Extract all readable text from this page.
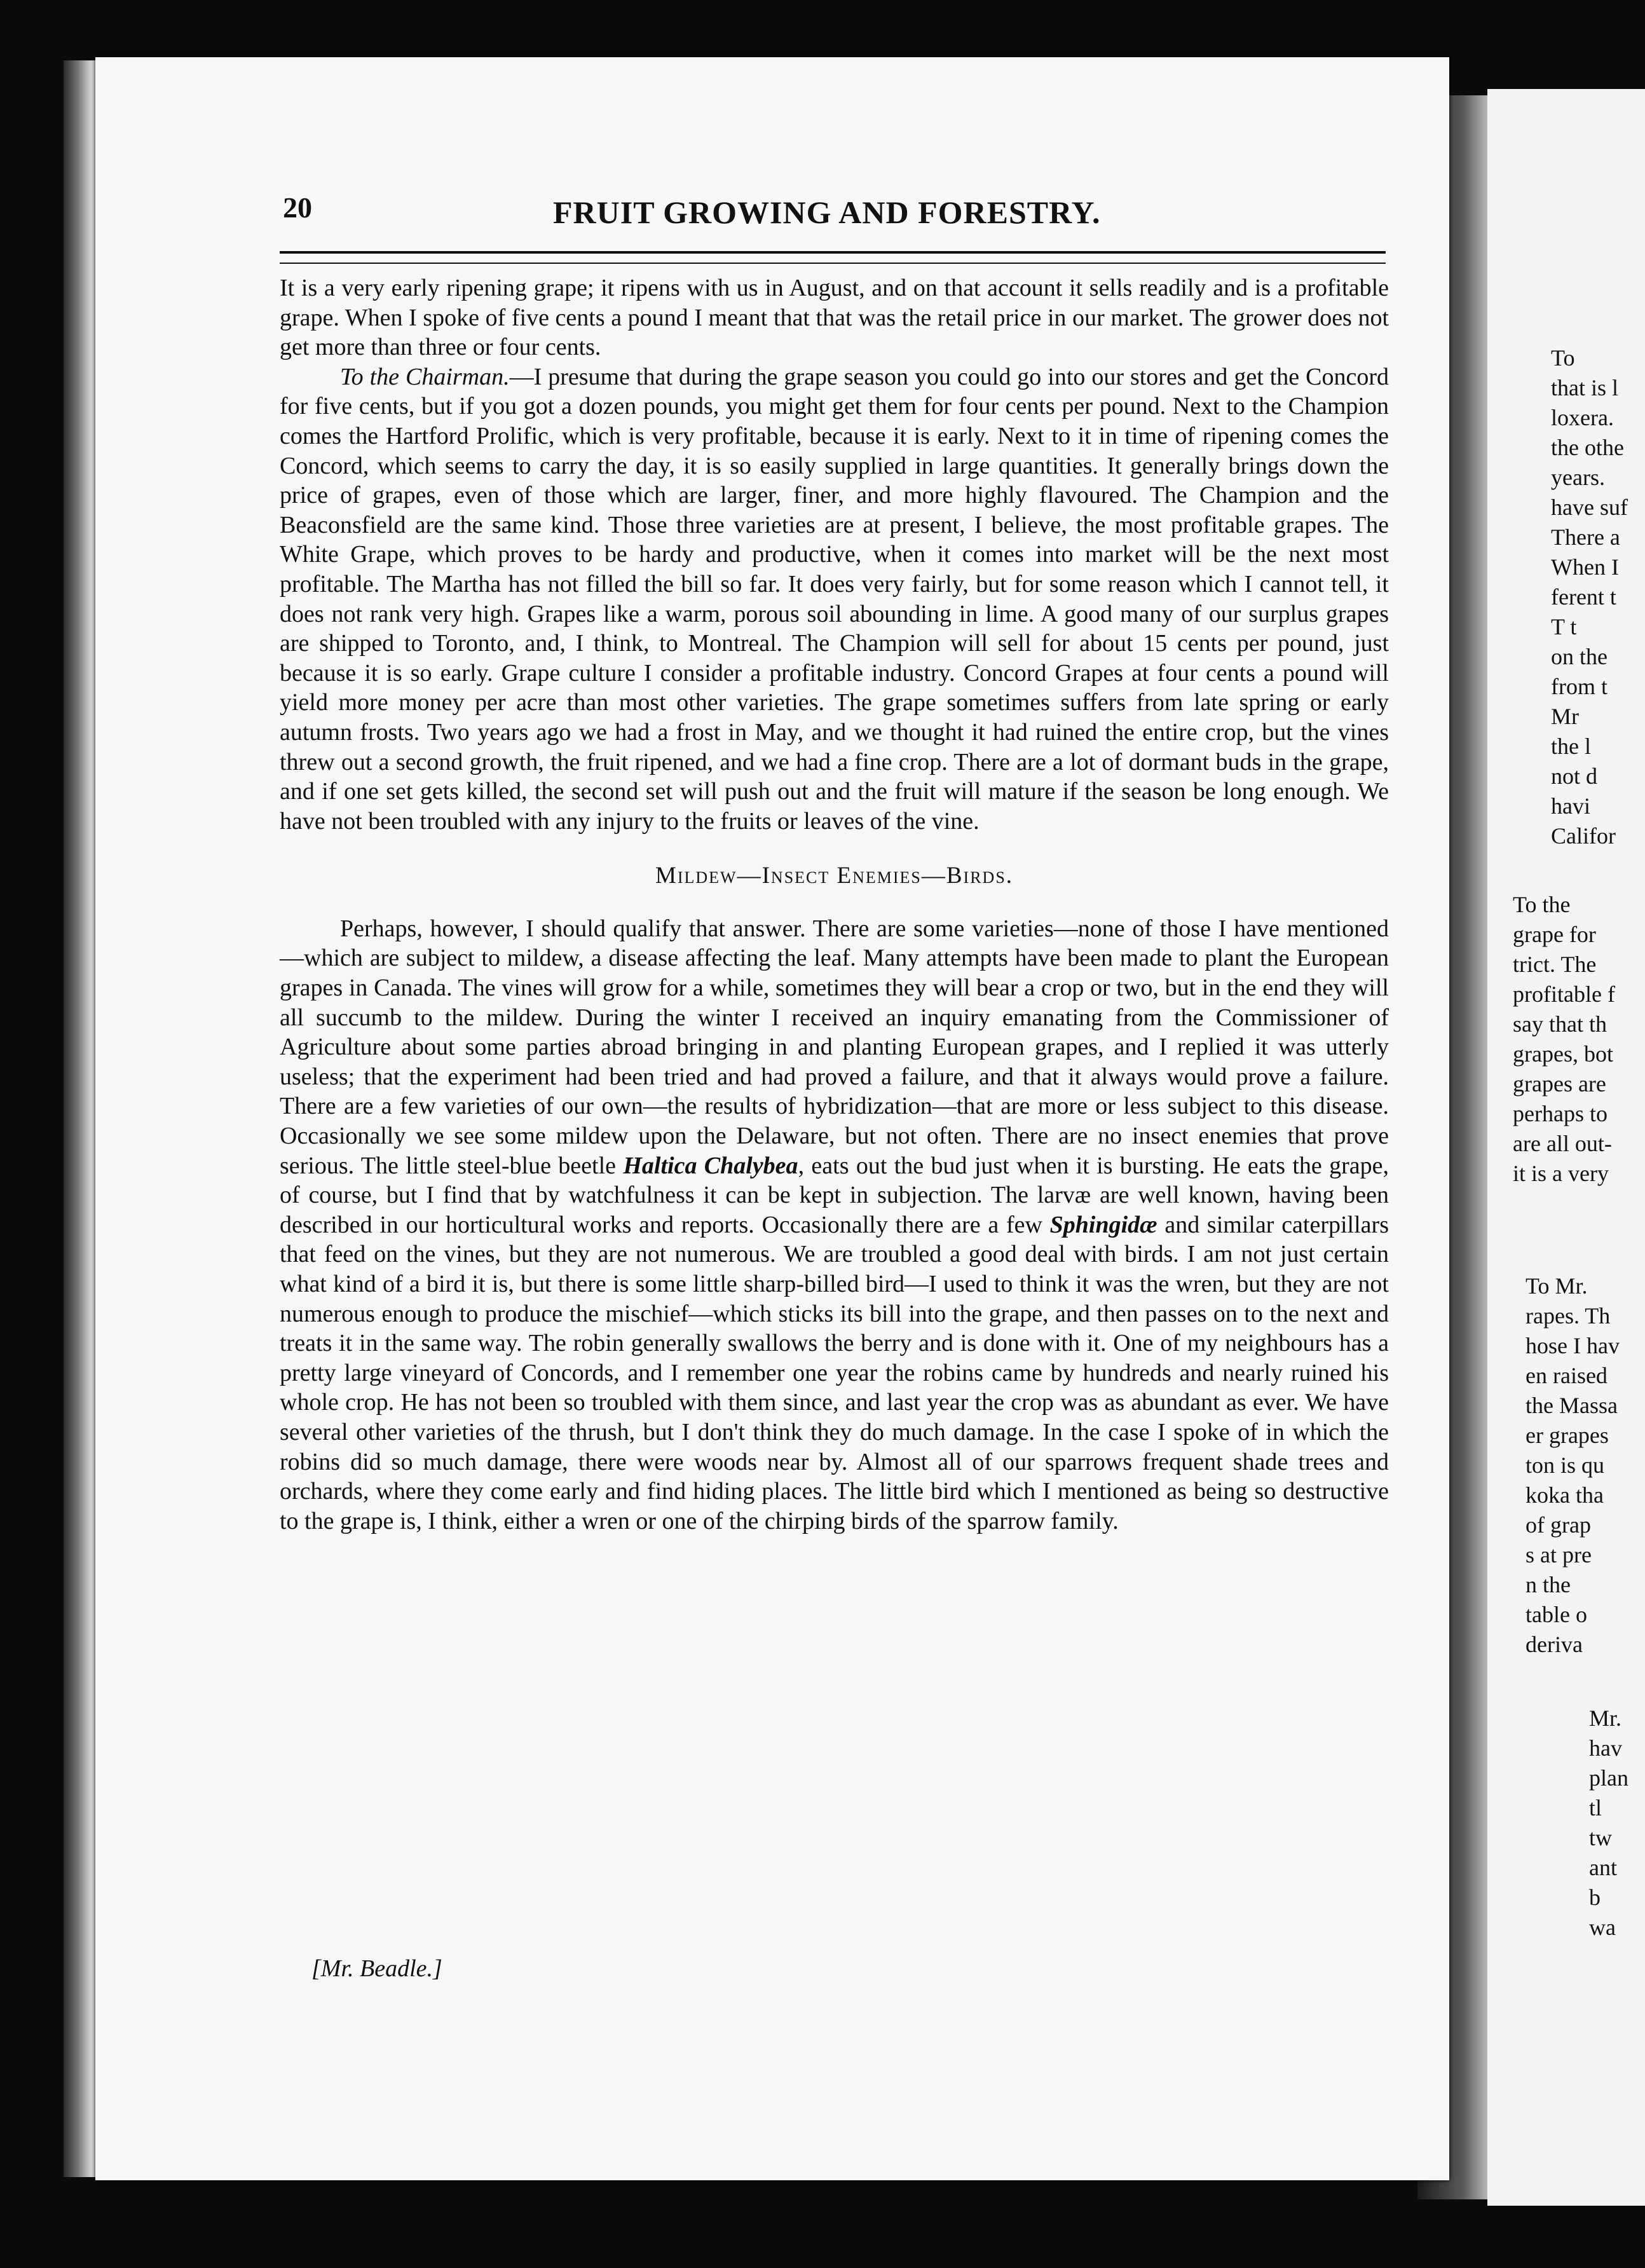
To
that is l
loxera.
the othe
years.
have suf
There a
When I
ferent t
T t
on the
from t
Mr
the l
not d
havi
Califor
To the
grape for
trict. The
profitable f
say that th
grapes, bot
grapes are
perhaps to
are all out-
it is a very
To Mr.
rapes. Th
hose I hav
en raised
the Massa
er grapes
ton is qu
koka tha
of grap
s at pre
n the
table o
deriva
Mr.
hav
plan
tl
tw
ant
b
wa
20	FRUIT GROWING AND FORESTRY.

It is a very early ripening grape; it ripens with us in August, and on that account it sells readily and is a profitable grape. When I spoke of five cents a pound I meant that that was the retail price in our market. The grower does not get more than three or four cents.

To the Chairman.—I presume that during the grape season you could go into our stores and get the Concord for five cents, but if you got a dozen pounds, you might get them for four cents per pound. Next to the Champion comes the Hartford Prolific, which is very profitable, because it is early. Next to it in time of ripening comes the Concord, which seems to carry the day, it is so easily supplied in large quantities. It generally brings down the price of grapes, even of those which are larger, finer, and more highly flavoured. The Champion and the Beaconsfield are the same kind. Those three varieties are at present, I believe, the most profitable grapes. The White Grape, which proves to be hardy and productive, when it comes into market will be the next most profitable. The Martha has not filled the bill so far. It does very fairly, but for some reason which I cannot tell, it does not rank very high. Grapes like a warm, porous soil abounding in lime. A good many of our surplus grapes are shipped to Toronto, and, I think, to Montreal. The Champion will sell for about 15 cents per pound, just because it is so early. Grape culture I consider a profitable industry. Concord Grapes at four cents a pound will yield more money per acre than most other varieties. The grape sometimes suffers from late spring or early autumn frosts. Two years ago we had a frost in May, and we thought it had ruined the entire crop, but the vines threw out a second growth, the fruit ripened, and we had a fine crop. There are a lot of dormant buds in the grape, and if one set gets killed, the second set will push out and the fruit will mature if the season be long enough. We have not been troubled with any injury to the fruits or leaves of the vine.

Mildew—Insect Enemies—Birds.

Perhaps, however, I should qualify that answer. There are some varieties—none of those I have mentioned—which are subject to mildew, a disease affecting the leaf. Many attempts have been made to plant the European grapes in Canada. The vines will grow for a while, sometimes they will bear a crop or two, but in the end they will all succumb to the mildew. During the winter I received an inquiry emanating from the Commissioner of Agriculture about some parties abroad bringing in and planting European grapes, and I replied it was utterly useless; that the experiment had been tried and had proved a failure, and that it always would prove a failure. There are a few varieties of our own—the results of hybridization—that are more or less subject to this disease. Occasionally we see some mildew upon the Delaware, but not often. There are no insect enemies that prove serious. The little steel-blue beetle Haltica Chalybea, eats out the bud just when it is bursting. He eats the grape, of course, but I find that by watchfulness it can be kept in subjection. The larvæ are well known, having been described in our horticultural works and reports. Occasionally there are a few Sphingidæ and similar caterpillars that feed on the vines, but they are not numerous. We are troubled a good deal with birds. I am not just certain what kind of a bird it is, but there is some little sharp-billed bird—I used to think it was the wren, but they are not numerous enough to produce the mischief—which sticks its bill into the grape, and then passes on to the next and treats it in the same way. The robin generally swallows the berry and is done with it. One of my neighbours has a pretty large vineyard of Concords, and I remember one year the robins came by hundreds and nearly ruined his whole crop. He has not been so troubled with them since, and last year the crop was as abundant as ever. We have several other varieties of the thrush, but I don't think they do much damage. In the case I spoke of in which the robins did so much damage, there were woods near by. Almost all of our sparrows frequent shade trees and orchards, where they come early and find hiding places. The little bird which I mentioned as being so destructive to the grape is, I think, either a wren or one of the chirping birds of the sparrow family.

[Mr. Beadle.]
